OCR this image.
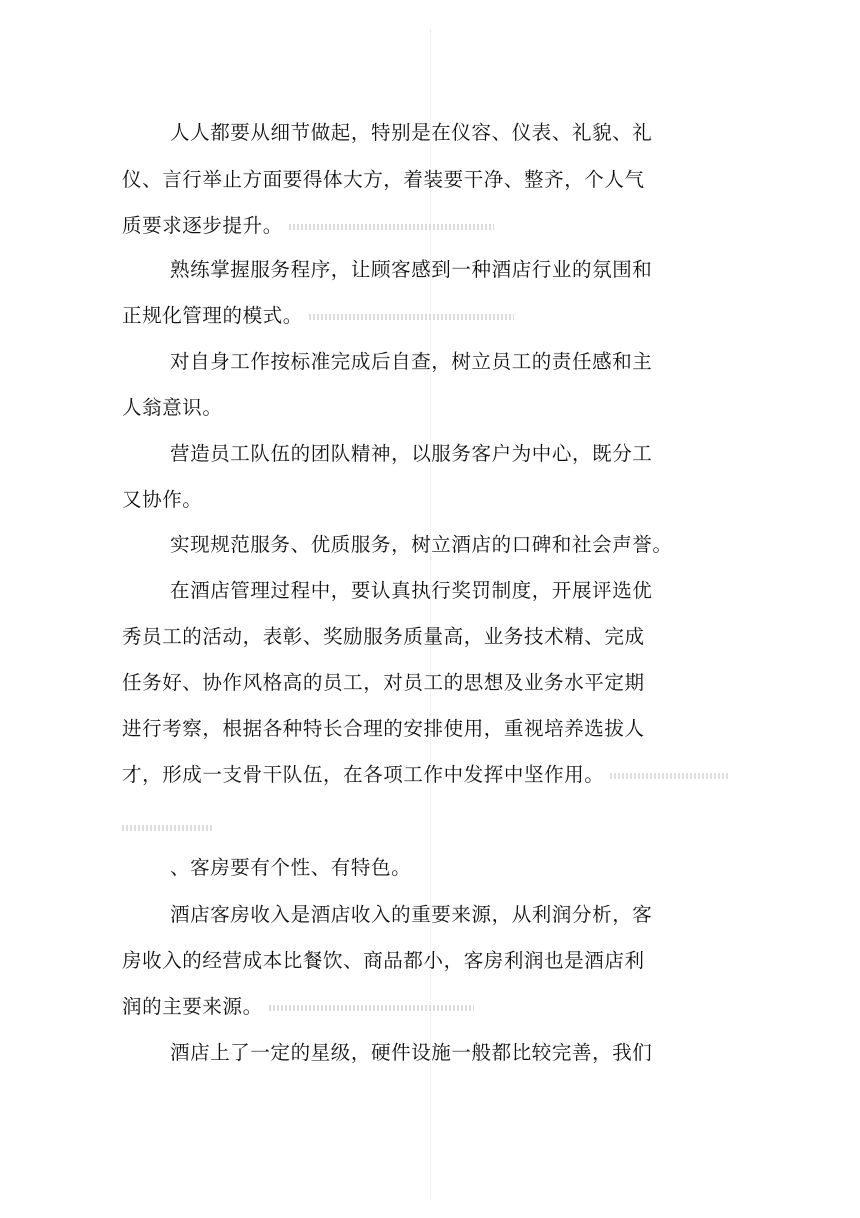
人人都要从细节做起，特别是在仪容、仪表、礼貌、礼
仪、言行举止方面要得体大方，着装要干净、整齐，个人气
质要求逐步提升。
熟练掌握服务程序，让顾客感到一种酒店行业的氛围和
正规化管理的模式。
对自身工作按标准完成后自查，树立员工的责任感和主
人翁意识。
营造员工队伍的团队精神，以服务客户为中心，既分工
又协作。
实现规范服务、优质服务，树立酒店的口碑和社会声誉。
在酒店管理过程中，要认真执行奖罚制度，开展评选优
秀员工的活动，表彰、奖励服务质量高，业务技术精、完成
任务好、协作风格高的员工，对员工的思想及业务水平定期
进行考察，根据各种特长合理的安排使用，重视培养选拔人
才，形成一支骨干队伍，在各项工作中发挥中坚作用。
、客房要有个性、有特色。
酒店客房收入是酒店收入的重要来源，从利润分析，客
房收入的经营成本比餐饮、商品都小，客房利润也是酒店利
润的主要来源。
酒店上了一定的星级，硬件设施一般都比较完善，我们
